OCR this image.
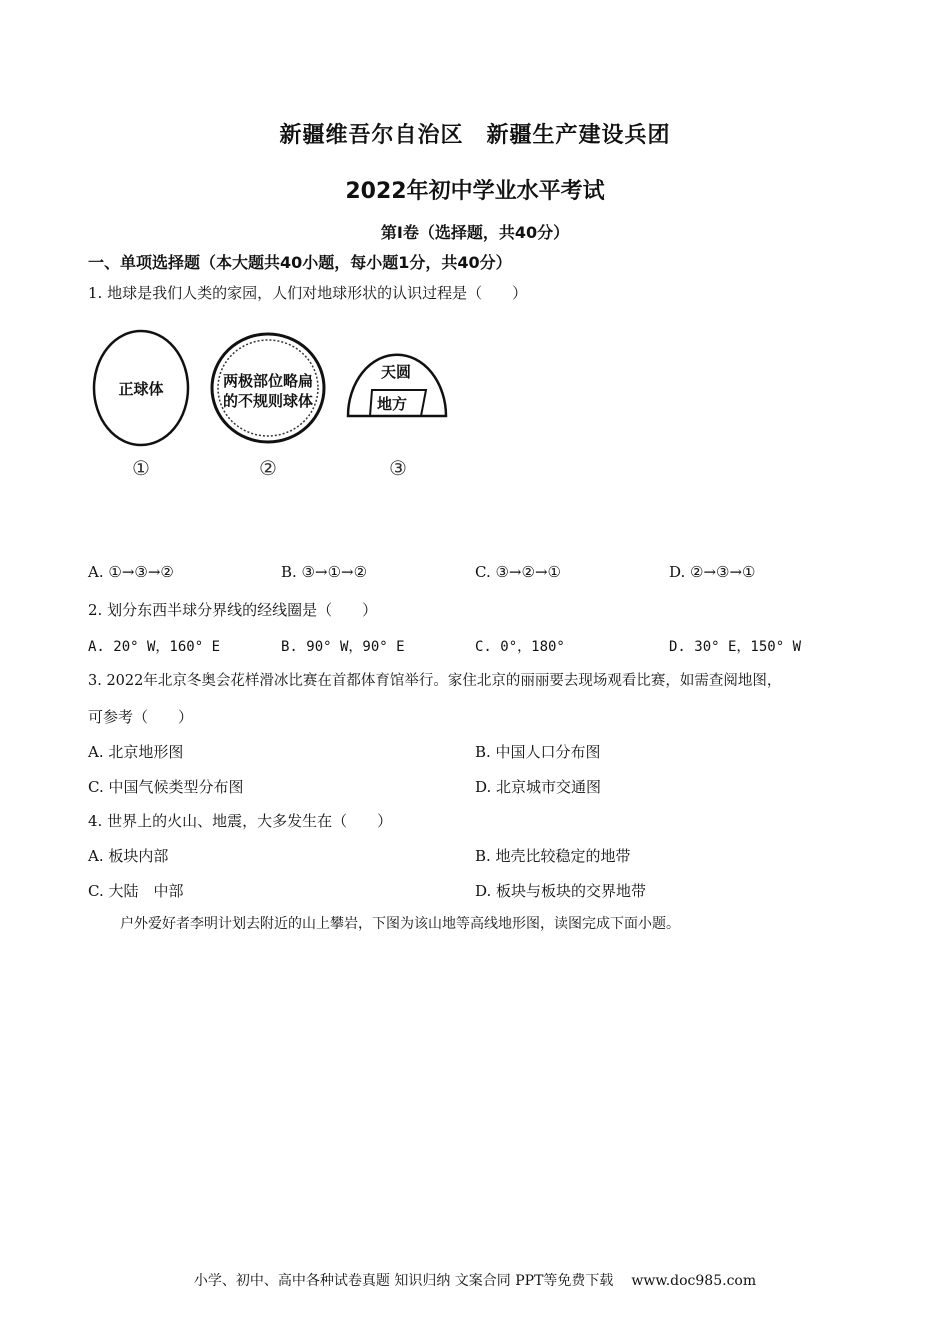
新疆维吾尔自治区　新疆生产建设兵团
2022年初中学业水平考试
第Ⅰ卷（选择题，共40分）
一、单项选择题（本大题共40小题，每小题1分，共40分）
1. 地球是我们人类的家园，人们对地球形状的认识过程是（　　）
正球体
①
两极部位略扁
的不规则球体
②
天圆
地方
③
A. ①→③→②	B. ③→①→②	C. ③→②→①	D. ②→③→①
2. 划分东西半球分界线的经线圈是（　　）
A. 20° W，160° E	B. 90° W，90° E	C. 0°，180°	D. 30° E，150° W
3. 2022年北京冬奥会花样滑冰比赛在首都体育馆举行。家住北京的丽丽要去现场观看比赛，如需查阅地图，
可参考（　　）
A. 北京地形图	B. 中国人口分布图
C. 中国气候类型分布图	D. 北京城市交通图
4. 世界上的火山、地震，大多发生在（　　）
A. 板块内部	B. 地壳比较稳定的地带
C. 大陆　中部	D. 板块与板块的交界地带
户外爱好者李明计划去附近的山上攀岩，下图为该山地等高线地形图，读图完成下面小题。
小学、初中、高中各种试卷真题 知识归纳 文案合同 PPT等免费下载 www.doc985.com
